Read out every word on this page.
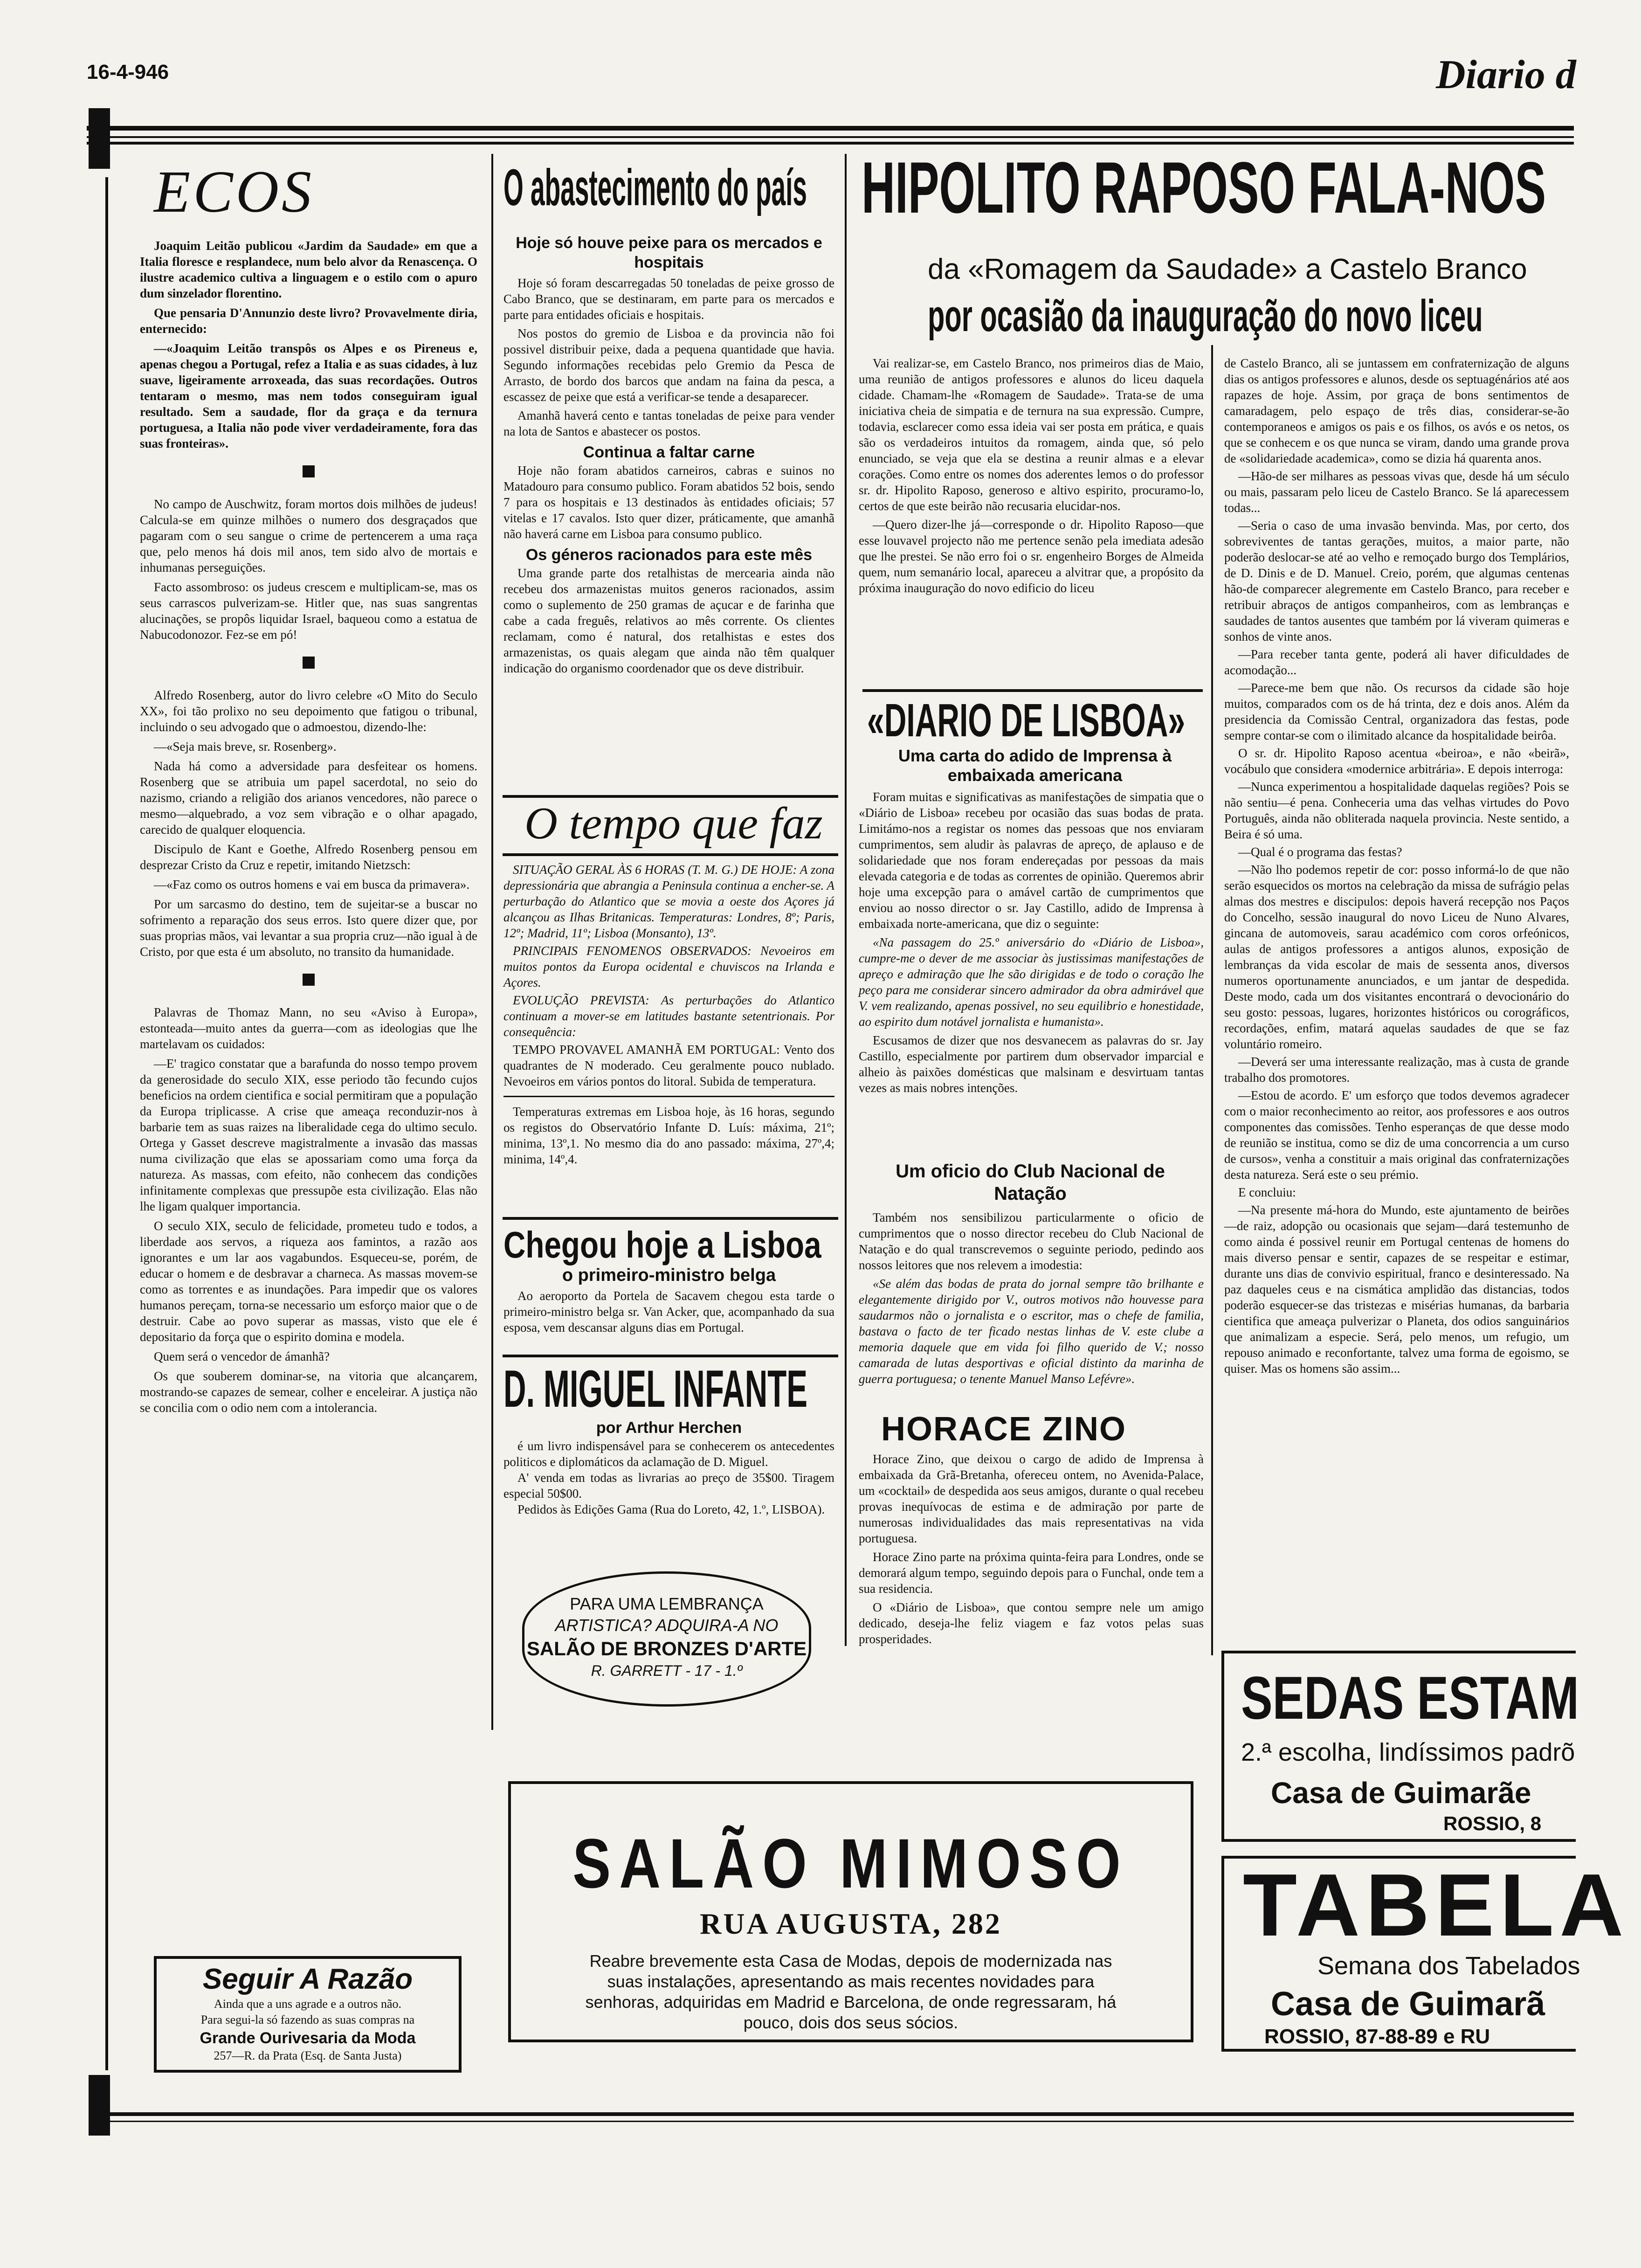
16-4-946	Diario d
ECOS

Joaquim Leitão publicou «Jardim da Saudade» em que a Italia floresce e resplandece, num belo alvor da Renascença. O ilustre academico cultiva a linguagem e o estilo com o apuro dum sinzelador florentino.

Que pensaria D'Annunzio deste livro? Provavelmente diria, enternecido:

—«Joaquim Leitão transpôs os Alpes e os Pireneus e, apenas chegou a Portugal, refez a Italia e as suas cidades, à luz suave, ligeiramente arroxeada, das suas recordações. Outros tentaram o mesmo, mas nem todos conseguiram igual resultado. Sem a saudade, flor da graça e da ternura portuguesa, a Italia não pode viver verdadeiramente, fora das suas fronteiras».

No campo de Auschwitz, foram mortos dois milhões de judeus! Calcula-se em quinze milhões o numero dos desgraçados que pagaram com o seu sangue o crime de pertencerem a uma raça que, pelo menos há dois mil anos, tem sido alvo de mortais e inhumanas perseguições.

Facto assombroso: os judeus crescem e multiplicam-se, mas os seus carrascos pulverizam-se. Hitler que, nas suas sangrentas alucinações, se propôs liquidar Israel, baqueou como a estatua de Nabucodonozor. Fez-se em pó!

Alfredo Rosenberg, autor do livro celebre «O Mito do Seculo XX», foi tão prolixo no seu depoimento que fatigou o tribunal, incluindo o seu advogado que o admoestou, dizendo-lhe:

—«Seja mais breve, sr. Rosenberg».

Nada há como a adversidade para desfeitear os homens. Rosenberg que se atribuia um papel sacerdotal, no seio do nazismo, criando a religião dos arianos vencedores, não parece o mesmo—alquebrado, a voz sem vibração e o olhar apagado, carecido de qualquer eloquencia.

Discipulo de Kant e Goethe, Alfredo Rosenberg pensou em desprezar Cristo da Cruz e repetir, imitando Nietzsch:

—«Faz como os outros homens e vai em busca da primavera».

Por um sarcasmo do destino, tem de sujeitar-se a buscar no sofrimento a reparação dos seus erros. Isto quere dizer que, por suas proprias mãos, vai levantar a sua propria cruz—não igual à de Cristo, por que esta é um absoluto, no transito da humanidade.

Palavras de Thomaz Mann, no seu «Aviso à Europa», estonteada—muito antes da guerra—com as ideologias que lhe martelavam os cuidados:

—E' tragico constatar que a barafunda do nosso tempo provem da generosidade do seculo XIX, esse periodo tão fecundo cujos beneficios na ordem cientifica e social permitiram que a população da Europa triplicasse. A crise que ameaça reconduzir-nos à barbarie tem as suas raizes na liberalidade cega do ultimo seculo. Ortega y Gasset descreve magistralmente a invasão das massas numa civilização que elas se apossariam como uma força da natureza. As massas, com efeito, não conhecem das condições infinitamente complexas que pressupõe esta civilização. Elas não lhe ligam qualquer importancia.

O seculo XIX, seculo de felicidade, prometeu tudo e todos, a liberdade aos servos, a riqueza aos famintos, a razão aos ignorantes e um lar aos vagabundos. Esqueceu-se, porém, de educar o homem e de desbravar a charneca. As massas movem-se como as torrentes e as inundações. Para impedir que os valores humanos pereçam, torna-se necessario um esforço maior que o de destruir. Cabe ao povo superar as massas, visto que ele é depositario da força que o espirito domina e modela.

Quem será o vencedor de ámanhã?

Os que souberem dominar-se, na vitoria que alcançarem, mostrando-se capazes de semear, colher e enceleirar. A justiça não se concilia com o odio nem com a intolerancia.

Seguir A Razão
Ainda que a uns agrade e a outros não.
Para segui-la só fazendo as suas compras na
Grande Ourivesaria da Moda
257—R. da Prata (Esq. de Santa Justa)
O abastecimento do país
Hoje só houve peixe para os mercados e hospitais
Hoje só foram descarregadas 50 toneladas de peixe grosso de Cabo Branco, que se destinaram, em parte para os mercados e parte para entidades oficiais e hospitais.
Nos postos do gremio de Lisboa e da provincia não foi possivel distribuir peixe, dada a pequena quantidade que havia. Segundo informações recebidas pelo Gremio da Pesca de Arrasto, de bordo dos barcos que andam na faina da pesca, a escassez de peixe que está a verificar-se tende a desaparecer.
Amanhã haverá cento e tantas toneladas de peixe para vender na lota de Santos e abastecer os postos.
Continua a faltar carne
Hoje não foram abatidos carneiros, cabras e suinos no Matadouro para consumo publico. Foram abatidos 52 bois, sendo 7 para os hospitais e 13 destinados às entidades oficiais; 57 vitelas e 17 cavalos. Isto quer dizer, práticamente, que amanhã não haverá carne em Lisboa para consumo publico.
Os géneros racionados para este mês
Uma grande parte dos retalhistas de mercearia ainda não recebeu dos armazenistas muitos generos racionados, assim como o suplemento de 250 gramas de açucar e de farinha que cabe a cada freguês, relativos ao mês corrente. Os clientes reclamam, como é natural, dos retalhistas e estes dos armazenistas, os quais alegam que ainda não têm qualquer indicação do organismo coordenador que os deve distribuir.
O tempo que faz
SITUAÇÃO GERAL ÀS 6 HORAS (T. M. G.) DE HOJE: A zona depressionária que abrangia a Peninsula continua a encher-se. A perturbação do Atlantico que se movia a oeste dos Açores já alcançou as Ilhas Britanicas. Temperaturas: Londres, 8º; Paris, 12º; Madrid, 11º; Lisboa (Monsanto), 13º.
PRINCIPAIS FENOMENOS OBSERVADOS: Nevoeiros em muitos pontos da Europa ocidental e chuviscos na Irlanda e Açores.
EVOLUÇÃO PREVISTA: As perturbações do Atlantico continuam a mover-se em latitudes bastante setentrionais. Por consequência:
TEMPO PROVAVEL AMANHÃ EM PORTUGAL: Vento dos quadrantes de N moderado. Ceu geralmente pouco nublado. Nevoeiros em vários pontos do litoral. Subida de temperatura.
Temperaturas extremas em Lisboa hoje, às 16 horas, segundo os registos do Observatório Infante D. Luís: máxima, 21º; minima, 13º,1. No mesmo dia do ano passado: máxima, 27º,4; minima, 14º,4.
Chegou hoje a Lisboa
o primeiro-ministro belga
Ao aeroporto da Portela de Sacavem chegou esta tarde o primeiro-ministro belga sr. Van Acker, que, acompanhado da sua esposa, vem descansar alguns dias em Portugal.
D. MIGUEL INFANTE
por Arthur Herchen
é um livro indispensável para se conhecerem os antecedentes politicos e diplomáticos da aclamação de D. Miguel.
A' venda em todas as livrarias ao preço de 35$00. Tiragem especial 50$00.
Pedidos às Edições Gama (Rua do Loreto, 42, 1.º, LISBOA).
PARA UMA LEMBRANÇA
ARTISTICA? ADQUIRA-A NO
SALÃO DE BRONZES D'ARTE
R. GARRETT - 17 - 1.º
HIPOLITO RAPOSO FALA-NOS
da «Romagem da Saudade» a Castelo Branco
por ocasião da inauguração do novo liceu
Vai realizar-se, em Castelo Branco, nos primeiros dias de Maio, uma reunião de antigos professores e alunos do liceu daquela cidade. Chamam-lhe «Romagem de Saudade». Trata-se de uma iniciativa cheia de simpatia e de ternura na sua expressão. Cumpre, todavia, esclarecer como essa ideia vai ser posta em prática, e quais são os verdadeiros intuitos da romagem, ainda que, só pelo enunciado, se veja que ela se destina a reunir almas e a elevar corações. Como entre os nomes dos aderentes lemos o do professor sr. dr. Hipolito Raposo, generoso e altivo espirito, procuramo-lo, certos de que este beirão não recusaria elucidar-nos.
—Quero dizer-lhe já—corresponde o dr. Hipolito Raposo—que esse louvavel projecto não me pertence senão pela imediata adesão que lhe prestei. Se não erro foi o sr. engenheiro Borges de Almeida quem, num semanário local, apareceu a alvitrar que, a propósito da próxima inauguração do novo edificio do liceu
de Castelo Branco, ali se juntassem em confraternização de alguns dias os antigos professores e alunos, desde os septuagénários até aos rapazes de hoje. Assim, por graça de bons sentimentos de camaradagem, pelo espaço de três dias, considerar-se-ão contemporaneos e amigos os pais e os filhos, os avós e os netos, os que se conhecem e os que nunca se viram, dando uma grande prova de «solidariedade academica», como se dizia há quarenta anos.
—Hão-de ser milhares as pessoas vivas que, desde há um século ou mais, passaram pelo liceu de Castelo Branco. Se lá aparecessem todas...
—Seria o caso de uma invasão benvinda. Mas, por certo, dos sobreviventes de tantas gerações, muitos, a maior parte, não poderão deslocar-se até ao velho e remoçado burgo dos Templários, de D. Dinis e de D. Manuel. Creio, porém, que algumas centenas hão-de comparecer alegremente em Castelo Branco, para receber e retribuir abraços de antigos companheiros, com as lembranças e saudades de tantos ausentes que também por lá viveram quimeras e sonhos de vinte anos.
—Para receber tanta gente, poderá ali haver dificuldades de acomodação...
—Parece-me bem que não. Os recursos da cidade são hoje muitos, comparados com os de há trinta, dez e dois anos. Além da presidencia da Comissão Central, organizadora das festas, pode sempre contar-se com o ilimitado alcance da hospitalidade beirôa.
O sr. dr. Hipolito Raposo acentua «beiroa», e não «beirã», vocábulo que considera «modernice arbitrária». E depois interroga:
—Nunca experimentou a hospitalidade daquelas regiões? Pois se não sentiu—é pena. Conheceria uma das velhas virtudes do Povo Português, ainda não obliterada naquela provincia. Neste sentido, a Beira é só uma.
—Qual é o programa das festas?
—Não lho podemos repetir de cor: posso informá-lo de que não serão esquecidos os mortos na celebração da missa de sufrágio pelas almas dos mestres e discipulos: depois haverá recepção nos Paços do Concelho, sessão inaugural do novo Liceu de Nuno Alvares, gincana de automoveis, sarau académico com coros orfeónicos, aulas de antigos professores a antigos alunos, exposição de lembranças da vida escolar de mais de sessenta anos, diversos numeros oportunamente anunciados, e um jantar de despedida. Deste modo, cada um dos visitantes encontrará o devocionário do seu gosto: pessoas, lugares, horizontes históricos ou corográficos, recordações, enfim, matará aquelas saudades de que se faz voluntário romeiro.
—Deverá ser uma interessante realização, mas à custa de grande trabalho dos promotores.
—Estou de acordo. E' um esforço que todos devemos agradecer com o maior reconhecimento ao reitor, aos professores e aos outros componentes das comissões. Tenho esperanças de que desse modo de reunião se institua, como se diz de uma concorrencia a um curso de cursos», venha a constituir a mais original das confraternizações desta natureza. Será este o seu prémio.
E concluiu:
—Na presente má-hora do Mundo, este ajuntamento de beirões—de raiz, adopção ou ocasionais que sejam—dará testemunho de como ainda é possivel reunir em Portugal centenas de homens do mais diverso pensar e sentir, capazes de se respeitar e estimar, durante uns dias de convivio espiritual, franco e desinteressado. Na paz daqueles ceus e na cismática amplidão das distancias, todos poderão esquecer-se das tristezas e misérias humanas, da barbaria cientifica que ameaça pulverizar o Planeta, dos odios sanguinários que animalizam a especie. Será, pelo menos, um refugio, um repouso animado e reconfortante, talvez uma forma de egoismo, se quiser. Mas os homens são assim...
«DIARIO DE LISBOA»
Uma carta do adido de Imprensa à embaixada americana
Foram muitas e significativas as manifestações de simpatia que o «Diário de Lisboa» recebeu por ocasião das suas bodas de prata. Limitámo-nos a registar os nomes das pessoas que nos enviaram cumprimentos, sem aludir às palavras de apreço, de aplauso e de solidariedade que nos foram endereçadas por pessoas da mais elevada categoria e de todas as correntes de opinião. Queremos abrir hoje uma excepção para o amável cartão de cumprimentos que enviou ao nosso director o sr. Jay Castillo, adido de Imprensa à embaixada norte-americana, que diz o seguinte:
«Na passagem do 25.º aniversário do «Diário de Lisboa», cumpre-me o dever de me associar às justissimas manifestações de apreço e admiração que lhe são dirigidas e de todo o coração lhe peço para me considerar sincero admirador da obra admirável que V. vem realizando, apenas possivel, no seu equilibrio e honestidade, ao espirito dum notável jornalista e humanista».
Escusamos de dizer que nos desvanecem as palavras do sr. Jay Castillo, especialmente por partirem dum observador imparcial e alheio às paixões domésticas que malsinam e desvirtuam tantas vezes as mais nobres intenções.
Um oficio do Club Nacional de Natação
Também nos sensibilizou particularmente o oficio de cumprimentos que o nosso director recebeu do Club Nacional de Natação e do qual transcrevemos o seguinte periodo, pedindo aos nossos leitores que nos relevem a imodestia:
«Se além das bodas de prata do jornal sempre tão brilhante e elegantemente dirigido por V., outros motivos não houvesse para saudarmos não o jornalista e o escritor, mas o chefe de familia, bastava o facto de ter ficado nestas linhas de V. este clube a memoria daquele que em vida foi filho querido de V.; nosso camarada de lutas desportivas e oficial distinto da marinha de guerra portuguesa; o tenente Manuel Manso Lefévre».
HORACE ZINO
Horace Zino, que deixou o cargo de adido de Imprensa à embaixada da Grã-Bretanha, ofereceu ontem, no Avenida-Palace, um «cocktail» de despedida aos seus amigos, durante o qual recebeu provas inequívocas de estima e de admiração por parte de numerosas individualidades das mais representativas na vida portuguesa.
Horace Zino parte na próxima quinta-feira para Londres, onde se demorará algum tempo, seguindo depois para o Funchal, onde tem a sua residencia.
O «Diário de Lisboa», que contou sempre nele um amigo dedicado, deseja-lhe feliz viagem e faz votos pelas suas prosperidades.
SALÃO MIMOSO
RUA AUGUSTA, 282
Reabre brevemente esta Casa de Modas, depois de modernizada nas suas instalações, apresentando as mais recentes novidades para senhoras, adquiridas em Madrid e Barcelona, de onde regressaram, há pouco, dois dos seus sócios.
SEDAS ESTAM
2.ª escolha, lindíssimos padrõ
Casa de Guimarãe
ROSSIO, 8
TABELA
Semana dos Tabelados
Casa de Guimarã
ROSSIO, 87-88-89 e RU
